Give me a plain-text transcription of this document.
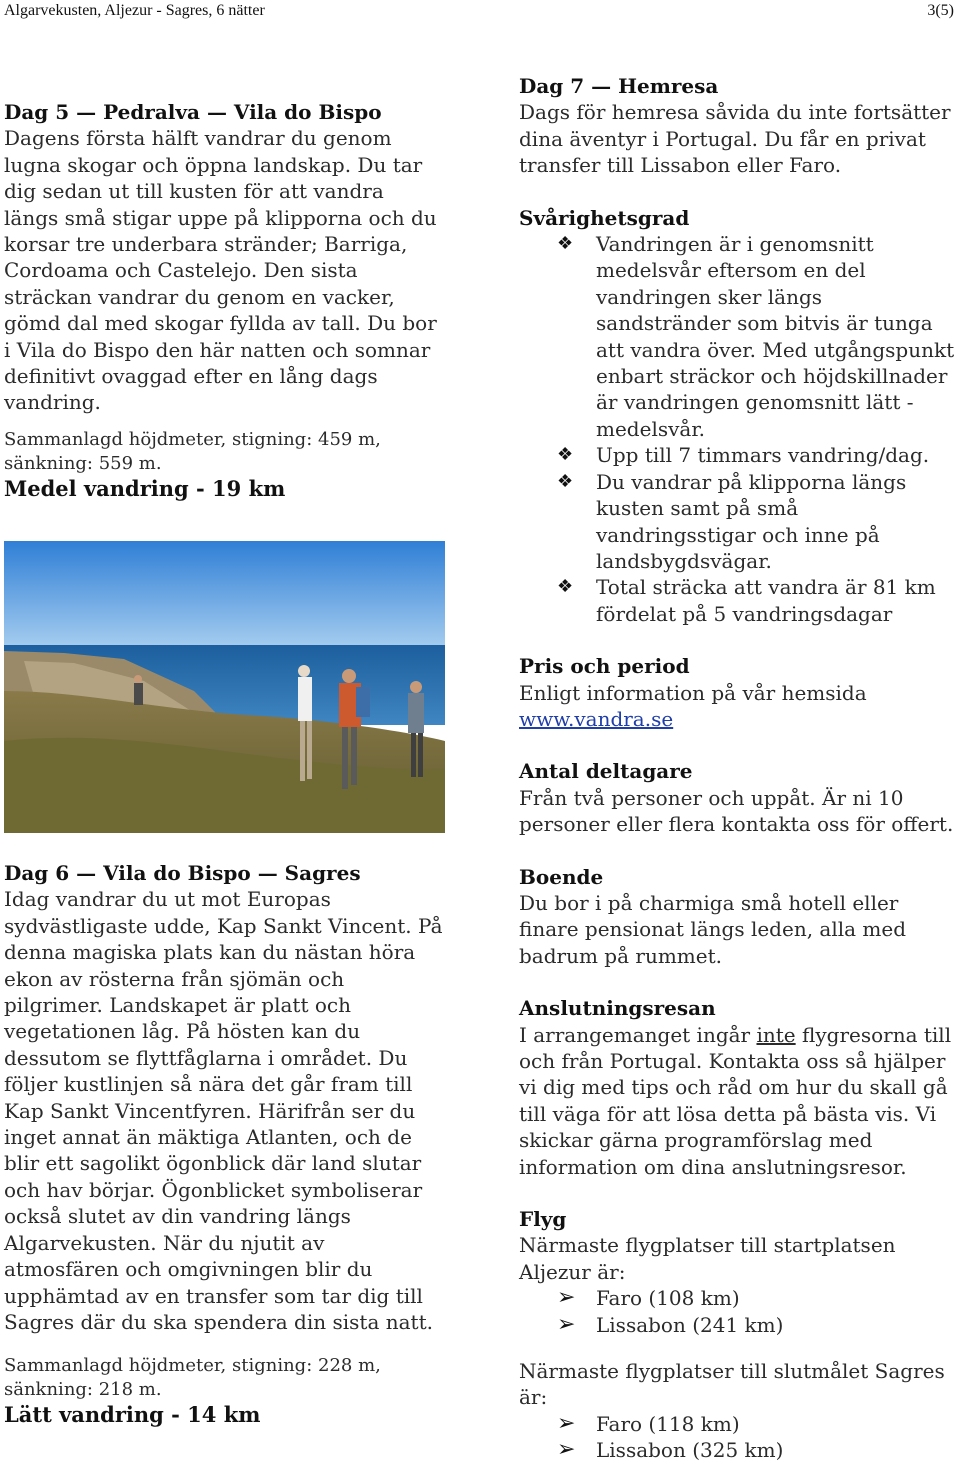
Algarvekusten, Aljezur - Sagres, 6 nätter	3(5)
Dag 5 — Pedralva — Vila do Bispo

Dagens första hälft vandrar du genom lugna skogar och öppna landskap. Du tar dig sedan ut till kusten för att vandra längs små stigar uppe på klipporna och du korsar tre underbara stränder; Barriga, Cordoama och Castelejo. Den sista sträckan vandrar du genom en vacker, gömd dal med skogar fyllda av tall. Du bor i Vila do Bispo den här natten och somnar definitivt ovaggad efter en lång dags vandring.

Sammanlagd höjdmeter, stigning: 459 m, sänkning: 559 m.

Medel vandring - 19 km
Dag 6 — Vila do Bispo — Sagres

Idag vandrar du ut mot Europas sydvästligaste udde, Kap Sankt Vincent. På denna magiska plats kan du nästan höra ekon av rösterna från sjömän och pilgrimer. Landskapet är platt och vegetationen låg. På hösten kan du dessutom se flyttfåglarna i området. Du följer kustlinjen så nära det går fram till Kap Sankt Vincentfyren. Härifrån ser du inget annat än mäktiga Atlanten, och de blir ett sagolikt ögonblick där land slutar och hav börjar. Ögonblicket symboliserar också slutet av din vandring längs Algarvekusten. När du njutit av atmosfären och omgivningen blir du upphämtad av en transfer som tar dig till Sagres där du ska spendera din sista natt.

Sammanlagd höjdmeter, stigning: 228 m, sänkning: 218 m.

Lätt vandring - 14 km
Dag 7 — Hemresa

Dags för hemresa såvida du inte fortsätter dina äventyr i Portugal. Du får en privat transfer till Lissabon eller Faro.

Svårighetsgrad
❖ Vandringen är i genomsnitt medelsvår eftersom en del vandringen sker längs sandstränder som bitvis är tunga att vandra över. Med utgångspunkt enbart sträckor och höjdskillnader är vandringen genomsnitt lätt - medelsvår.
❖ Upp till 7 timmars vandring/dag.
❖ Du vandrar på klipporna längs kusten samt på små vandringsstigar och inne på landsbygdsvägar.
❖ Total sträcka att vandra är 81 km fördelat på 5 vandringsdagar
Pris och period

Enligt information på vår hemsida

www.vandra.se
Antal deltagare

Från två personer och uppåt. Är ni 10 personer eller flera kontakta oss för offert.

Boende

Du bor i på charmiga små hotell eller finare pensionat längs leden, alla med badrum på rummet.

Anslutningsresan

I arrangemanget ingår inte flygresorna till och från Portugal. Kontakta oss så hjälper vi dig med tips och råd om hur du skall gå till väga för att lösa detta på bästa vis. Vi skickar gärna programförslag med information om dina anslutningsresor.

Flyg

Närmaste flygplatser till startplatsen Aljezur är:

➢ Faro (108 km)
➢ Lissabon (241 km)

Närmaste flygplatser till slutmålet Sagres är:

➢ Faro (118 km)
➢ Lissabon (325 km)
